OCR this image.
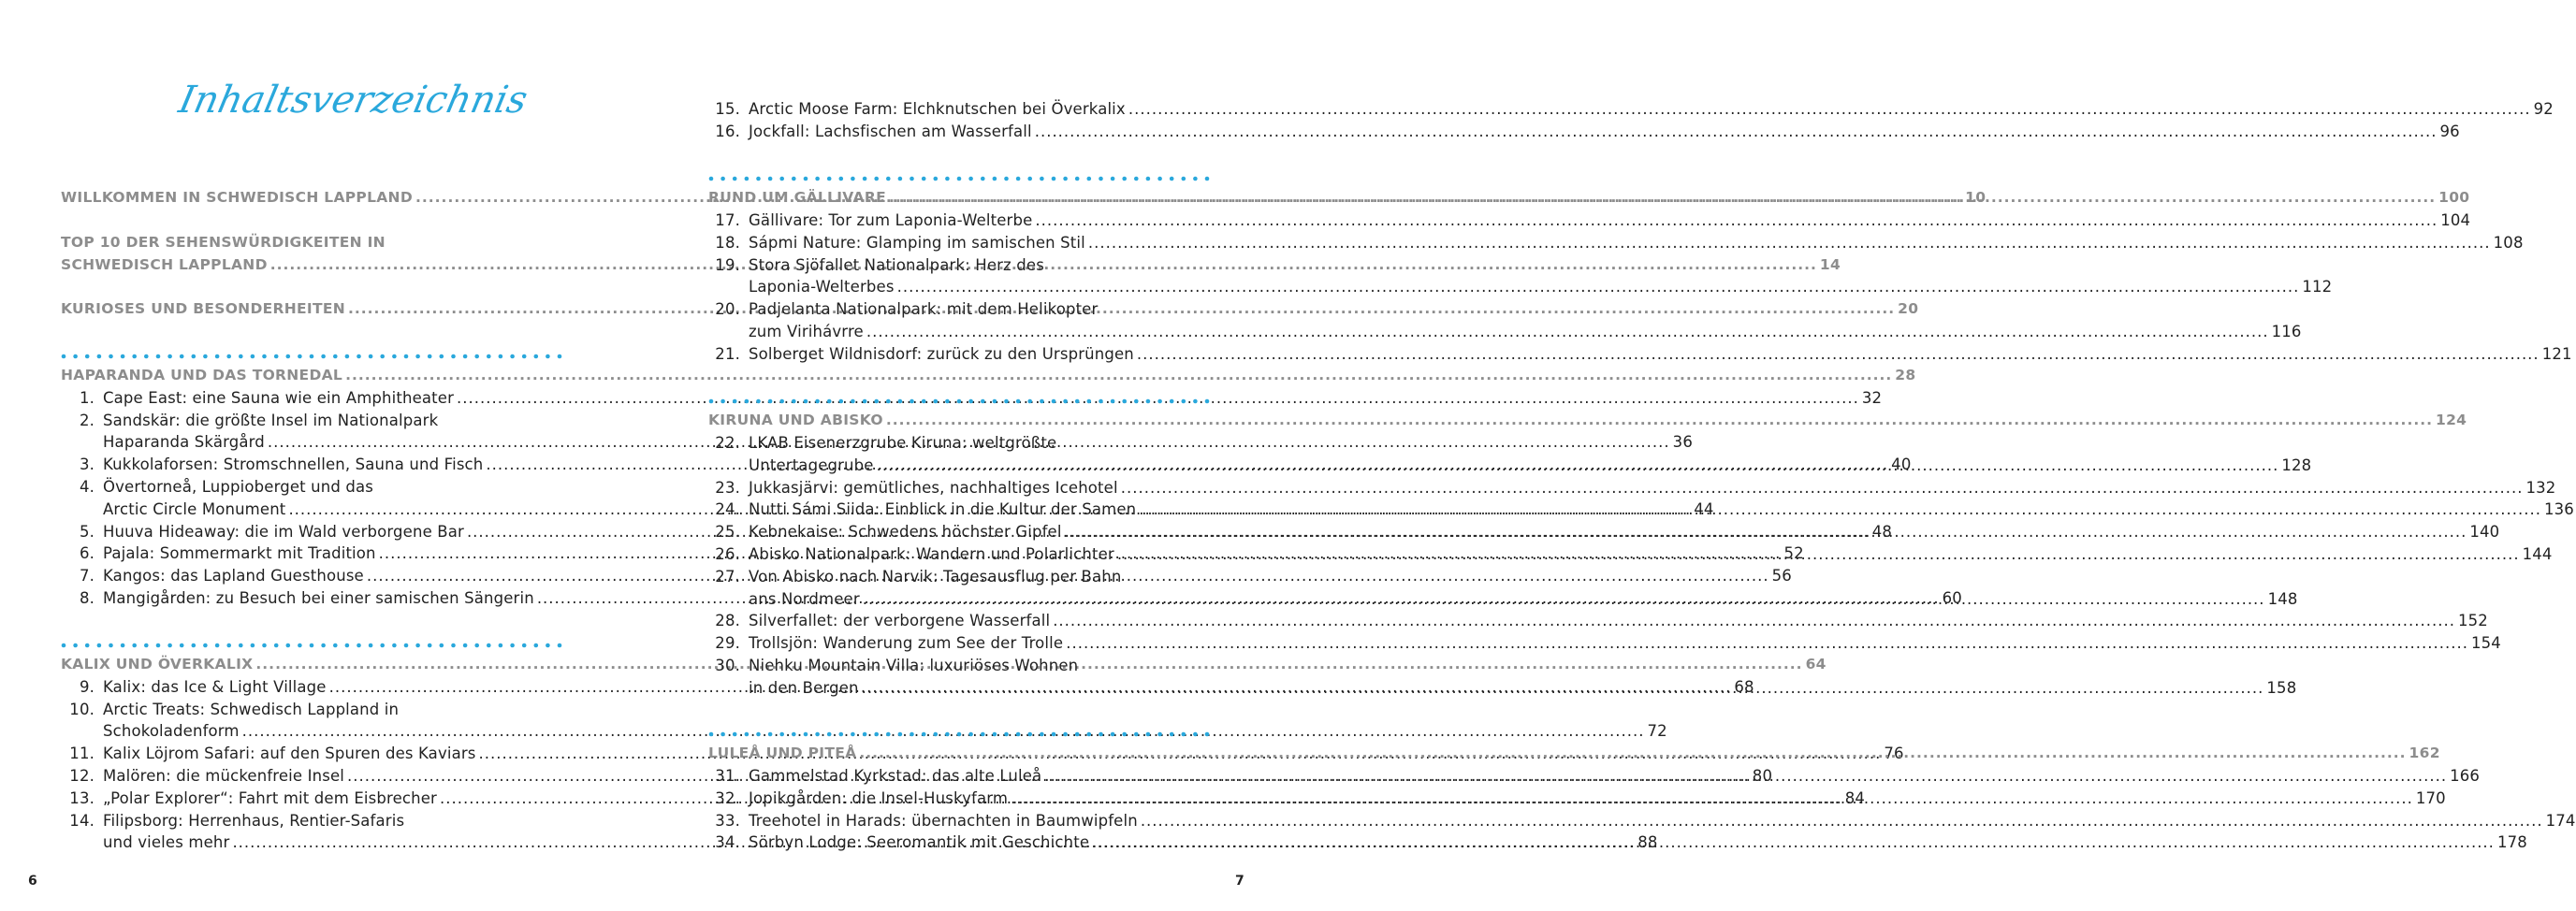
Inhaltsverzeichnis
WILLKOMMEN IN SCHWEDISCH LAPPLAND .....	10
TOP 10 DER SEHENSWÜRDIGKEITEN IN
SCHWEDISCH LAPPLAND .....	14
KURIOSES UND BESONDERHEITEN .....	20
HAPARANDA UND DAS TORNEDAL .....	28
1. Cape East: eine Sauna wie ein Amphitheater .....	32
2. Sandskär: die größte Insel im Nationalpark
Haparanda Skärgård .....	36
3. Kukkolaforsen: Stromschnellen, Sauna und Fisch .....	40
4. Övertorneå, Luppioberget und das
Arctic Circle Monument .....	44
5. Huuva Hideaway: die im Wald verborgene Bar .....	48
6. Pajala: Sommermarkt mit Tradition .....	52
7. Kangos: das Lapland Guesthouse .....	56
8. Mangigården: zu Besuch bei einer samischen Sängerin .....	60
KALIX UND ÖVERKALIX .....	64
9. Kalix: das Ice & Light Village .....	68
10. Arctic Treats: Schwedisch Lappland in
Schokoladenform .....	72
11. Kalix Löjrom Safari: auf den Spuren des Kaviars .....	76
12. Malören: die mückenfreie Insel .....	80
13. „Polar Explorer“: Fahrt mit dem Eisbrecher .....	84
14. Filipsborg: Herrenhaus, Rentier-Safaris
und vieles mehr .....	88
6
15. Arctic Moose Farm: Elchknutschen bei Överkalix .....	92
16. Jockfall: Lachsfischen am Wasserfall .....	96
RUND UM GÄLLIVARE .....	100
17. Gällivare: Tor zum Laponia-Welterbe .....	104
18. Sápmi Nature: Glamping im samischen Stil .....	108
19. Stora Sjöfallet Nationalpark: Herz des
Laponia-Welterbes .....	112
20. Padjelanta Nationalpark: mit dem Helikopter
zum Virihávrre .....	116
21. Solberget Wildnisdorf: zurück zu den Ursprüngen .....	121
KIRUNA UND ABISKO .....	124
22. LKAB Eisenerzgrube Kiruna: weltgrößte
Untertagegrube .....	128
23. Jukkasjärvi: gemütliches, nachhaltiges Icehotel .....	132
24. Nutti Sámi Siida: Einblick in die Kultur der Samen .....	136
25. Kebnekaise: Schwedens höchster Gipfel .....	140
26. Abisko Nationalpark: Wandern und Polarlichter .....	144
27. Von Abisko nach Narvik: Tagesausflug per Bahn
ans Nordmeer .....	148
28. Silverfallet: der verborgene Wasserfall .....	152
29. Trollsjön: Wanderung zum See der Trolle .....	154
30. Niehku Mountain Villa: luxuriöses Wohnen
in den Bergen .....	158
LULEÅ UND PITEÅ .....	162
31. Gammelstad Kyrkstad: das alte Luleå .....	166
32. Jopikgården: die Insel-Huskyfarm .....	170
33. Treehotel in Harads: übernachten in Baumwipfeln .....	174
34. Sörbyn Lodge: Seeromantik mit Geschichte .....	178
7
